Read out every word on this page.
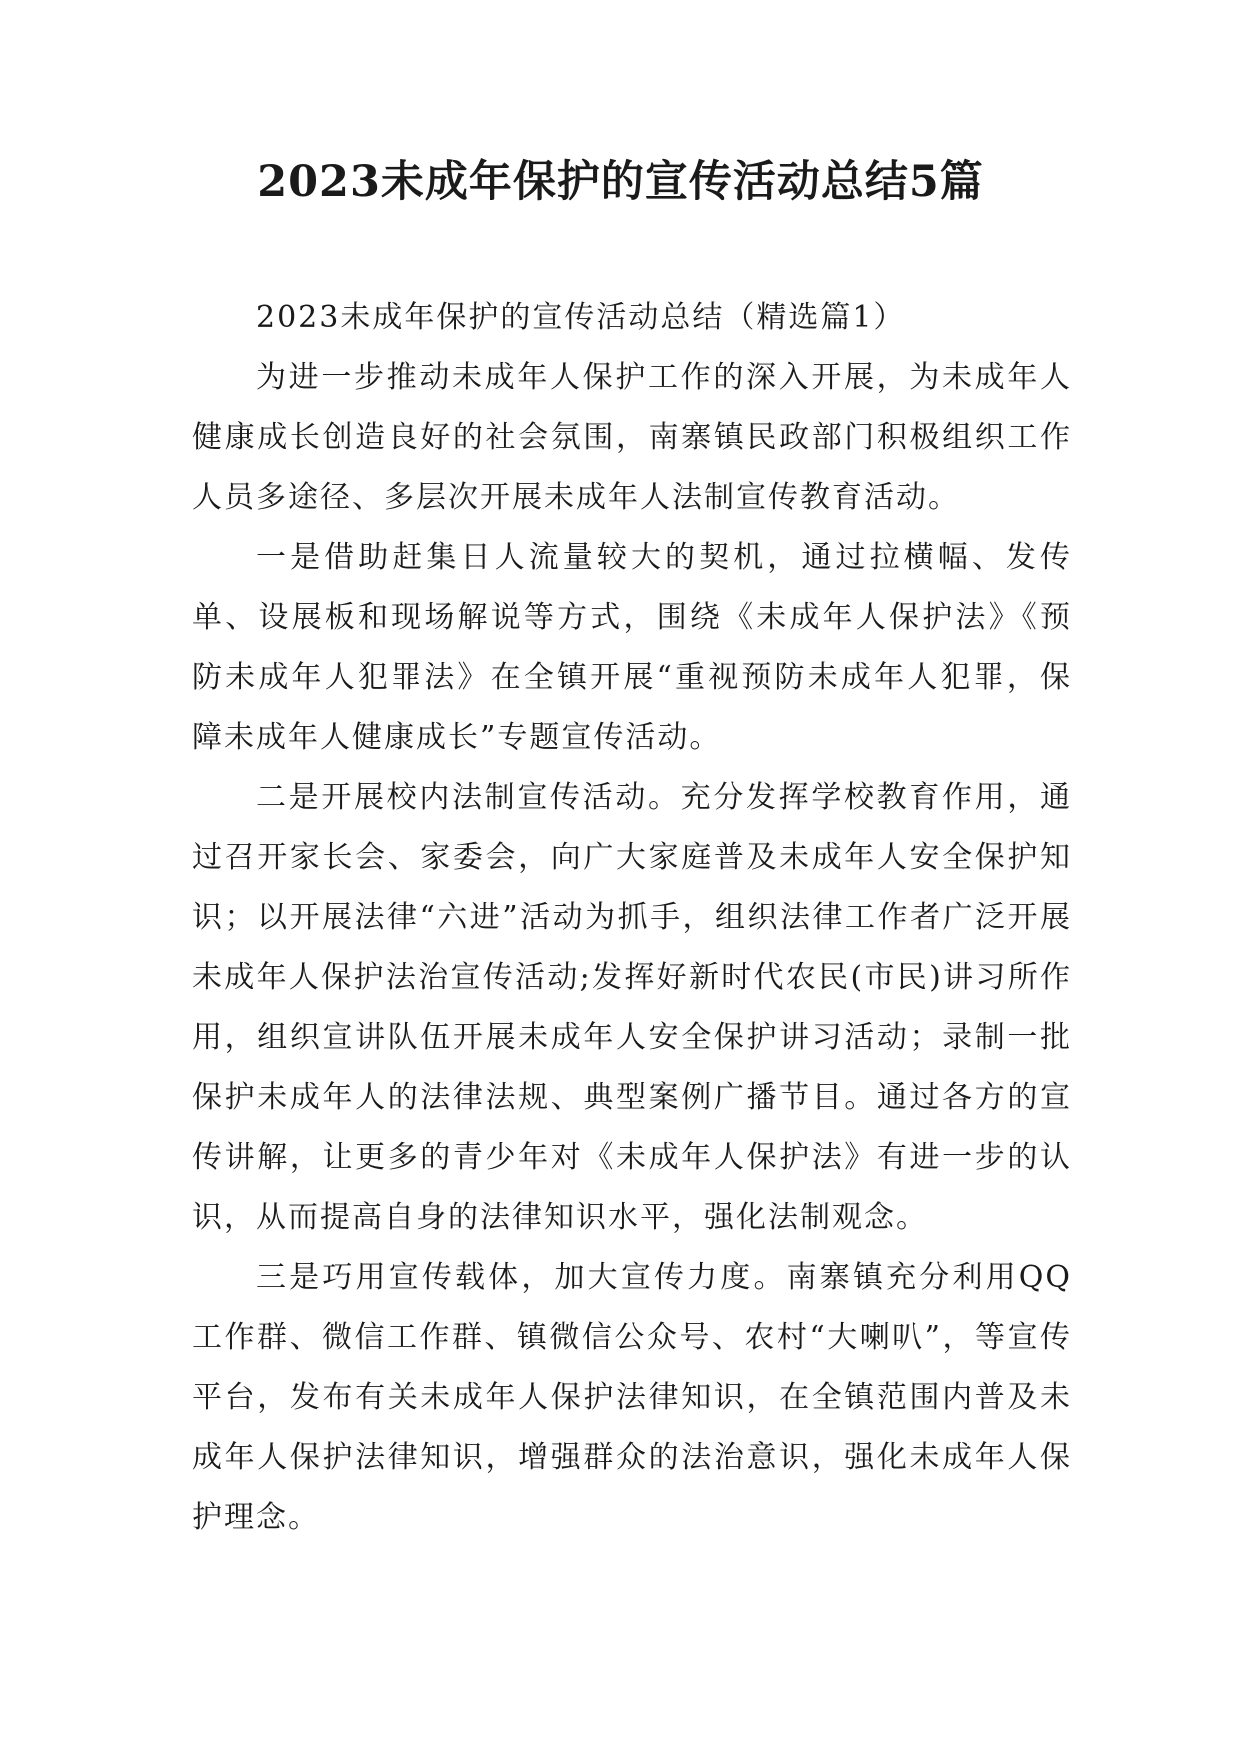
2023未成年保护的宣传活动总结5篇

2023未成年保护的宣传活动总结（精选篇1）

为进一步推动未成年人保护工作的深入开展，为未成年人健康成长创造良好的社会氛围，南寨镇民政部门积极组织工作人员多途径、多层次开展未成年人法制宣传教育活动。

一是借助赶集日人流量较大的契机，通过拉横幅、发传单、设展板和现场解说等方式，围绕《未成年人保护法》《预防未成年人犯罪法》在全镇开展“重视预防未成年人犯罪，保障未成年人健康成长”专题宣传活动。

二是开展校内法制宣传活动。充分发挥学校教育作用，通过召开家长会、家委会，向广大家庭普及未成年人安全保护知识；以开展法律“六进”活动为抓手，组织法律工作者广泛开展未成年人保护法治宣传活动;发挥好新时代农民(市民)讲习所作用，组织宣讲队伍开展未成年人安全保护讲习活动；录制一批保护未成年人的法律法规、典型案例广播节目。通过各方的宣传讲解，让更多的青少年对《未成年人保护法》有进一步的认识，从而提高自身的法律知识水平，强化法制观念。

三是巧用宣传载体，加大宣传力度。南寨镇充分利用QQ工作群、微信工作群、镇微信公众号、农村“大喇叭”，等宣传平台，发布有关未成年人保护法律知识，在全镇范围内普及未成年人保护法律知识，增强群众的法治意识，强化未成年人保护理念。
